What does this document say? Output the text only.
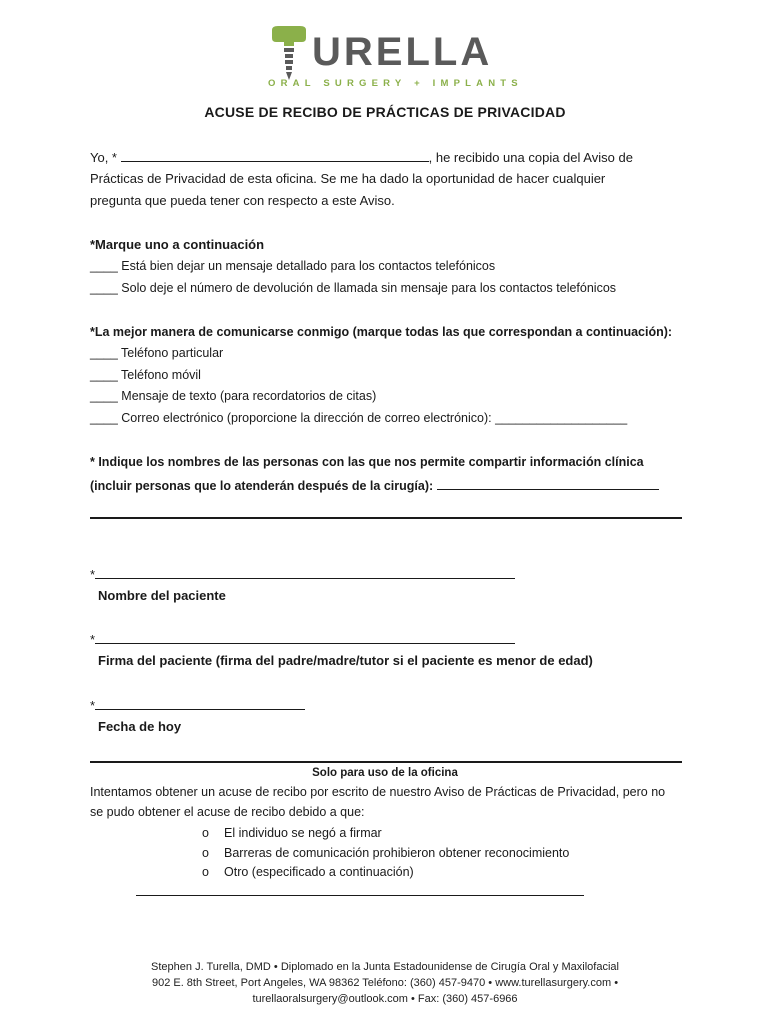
URELLA
ORAL SURGERY + IMPLANTS
ACUSE DE RECIBO DE PRÁCTICAS DE PRIVACIDAD
Yo, *	, he recibido una copia del Aviso de
Prácticas de Privacidad de esta oficina. Se me ha dado la oportunidad de hacer cualquier
pregunta que pueda tener con respecto a este Aviso.
*Marque uno a continuación
____ Está bien dejar un mensaje detallado para los contactos telefónicos
____ Solo deje el número de devolución de llamada sin mensaje para los contactos telefónicos
*La mejor manera de comunicarse conmigo (marque todas las que correspondan a continuación):
____ Teléfono particular
____ Teléfono móvil
____ Mensaje de texto (para recordatorios de citas)
____ Correo electrónico (proporcione la dirección de correo electrónico): ___________________
* Indique los nombres de las personas con las que nos permite compartir información clínica
(incluir personas que lo atenderán después de la cirugía):
*
Nombre del paciente
*
Firma del paciente (firma del padre/madre/tutor si el paciente es menor de edad)
*
Fecha de hoy
Solo para uso de la oficina
Intentamos obtener un acuse de recibo por escrito de nuestro Aviso de Prácticas de Privacidad, pero no
se pudo obtener el acuse de recibo debido a que:
o El individuo se negó a firmar
o Barreras de comunicación prohibieron obtener reconocimiento
o Otro (especificado a continuación)
Stephen J. Turella, DMD • Diplomado en la Junta Estadounidense de Cirugía Oral y Maxilofacial
902 E. 8th Street, Port Angeles, WA 98362 Teléfono: (360) 457-9470 • www.turellasurgery.com •
turellaoralsurgery@outlook.com • Fax: (360) 457-6966
